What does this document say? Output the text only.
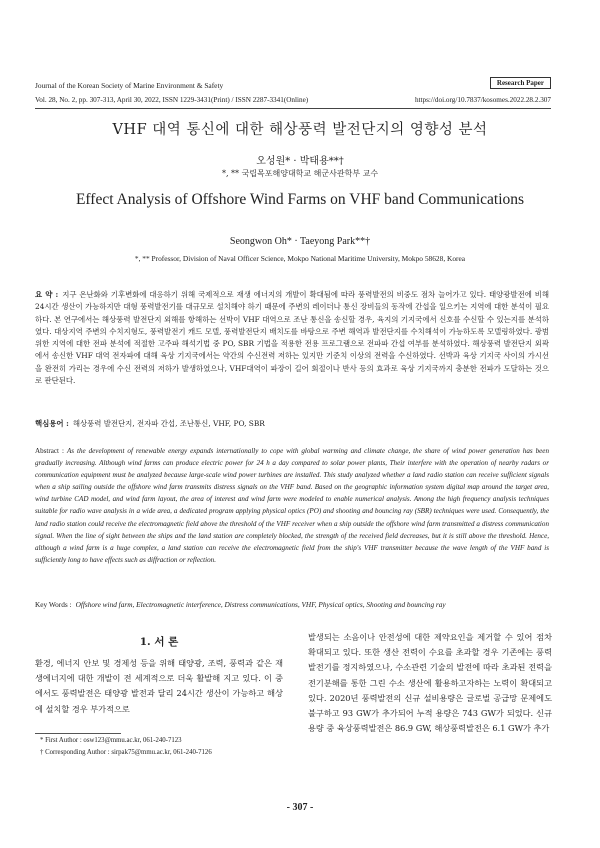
Journal of the Korean Society of Marine Environment & Safety	Research Paper
Vol. 28, No. 2, pp. 307-313, April 30, 2022, ISSN 1229-3431(Print) / ISSN 2287-3341(Online)	https://doi.org/10.7837/kosomes.2022.28.2.307
VHF 대역 통신에 대한 해상풍력 발전단지의 영향성 분석
오성원* · 박태용**†
*, ** 국립목포해양대학교 해군사관학부 교수
Effect Analysis of Offshore Wind Farms on VHF band Communications
Seongwon Oh* · Taeyong Park**†
*, ** Professor, Division of Naval Officer Science, Mokpo National Maritime University, Mokpo 58628, Korea
요 약 : 지구 온난화와 기후변화에 대응하기 위해 국제적으로 재생 에너지의 개발이 확대됨에 따라 풍력발전의 비중도 점차 늘어가고 있다. 태양광발전에 비해 24시간 생산이 가능하지만 대형 풍력발전기를 대규모로 설치해야 하기 때문에 주변의 레이더나 통신 장비들의 동작에 간섭을 일으키는 지역에 대한 분석이 필요하다. 본 연구에서는 해상풍력 발전단지 외해를 항해하는 선박이 VHF 대역으로 조난 통신을 송신할 경우, 육지의 기지국에서 신호를 수신할 수 있는지를 분석하였다. 대상지역 주변의 수치지형도, 풍력발전기 캐드 모델, 풍력발전단지 배치도를 바탕으로 주변 해역과 발전단지를 수치해석이 가능하도록 모델링하였다. 광범위한 지역에 대한 전파 분석에 적절한 고주파 해석기법 중 PO, SBR 기법을 적용한 전용 프로그램으로 전파파 간섭 여부를 분석하였다. 해상풍력 발전단지 외곽에서 송신한 VHF 대역 전자파에 대해 육상 기지국에서는 약간의 수신전력 저하는 있지만 기준치 이상의 전력을 수신하였다. 선박과 육상 기지국 사이의 가시선을 완전히 가리는 경우에 수신 전력의 저하가 발생하였으나, VHF대역이 파장이 길어 회절이나 반사 등의 효과로 육상 기지국까지 충분한 전파가 도달하는 것으로 판단된다.
핵심용어 : 해상풍력 발전단지, 전자파 간섭, 조난통신, VHF, PO, SBR
Abstract : As the development of renewable energy expands internationally to cope with global warming and climate change, the share of wind power generation has been gradually increasing. Although wind farms can produce electric power for 24 h a day compared to solar power plants, Their interfere with the operation of nearby radars or communication equipment must be analyzed because large-scale wind power turbines are installed. This study analyzed whether a land radio station can receive sufficient signals when a ship sailing outside the offshore wind farm transmits distress signals on the VHF band. Based on the geographic information system digital map around the target area, wind turbine CAD model, and wind farm layout, the area of interest and wind farm were modeled to enable numerical analysis. Among the high frequency analysis techniques suitable for radio wave analysis in a wide area, a dedicated program applying physical optics (PO) and shooting and bouncing ray (SBR) techniques were used. Consequently, the land radio station could receive the electromagnetic field above the threshold of the VHF receiver when a ship outside the offshore wind farm transmitted a distress communication signal. When the line of sight between the ships and the land station are completely blocked, the strength of the received field decreases, but it is still above the threshold. Hence, although a wind farm is a huge complex, a land station can receive the electromagnetic field from the ship's VHF transmitter because the wave length of the VHF band is sufficiently long to have effects such as diffraction or reflection.
Key Words : Offshore wind farm, Electromagnetic interference, Distress communications, VHF, Physical optics, Shooting and bouncing ray
1. 서 론

환경, 에너지 안보 및 경제성 등을 위해 태양광, 조력, 풍력과 같은 재생에너지에 대한 개발이 전 세계적으로 더욱 활발해 지고 있다. 이 중에서도 풍력발전은 태양광 발전과 달리 24시간 생산이 가능하고 해상에 설치할 경우 부가적으로

발생되는 소음이나 안전성에 대한 제약요인을 제거할 수 있어 점차 확대되고 있다. 또한 생산 전력이 수요를 초과할 경우 기존에는 풍력발전기를 정지하였으나, 수소관련 기술의 발전에 따라 초과된 전력을 전기분해를 통한 그린 수소 생산에 활용하고자하는 노력이 확대되고 있다. 2020년 풍력발전의 신규 설비용량은 글로벌 공급망 문제에도 불구하고 93 GW가 추가되어 누적 용량은 743 GW가 되었다. 신규 용량 중 육상풍력발전은 86.9 GW, 해상풍력발전은 6.1 GW가 추가

* First Author : osw123@mmu.ac.kr, 061-240-7123
† Corresponding Author : sirpak75@mmu.ac.kr, 061-240-7126
- 307 -
